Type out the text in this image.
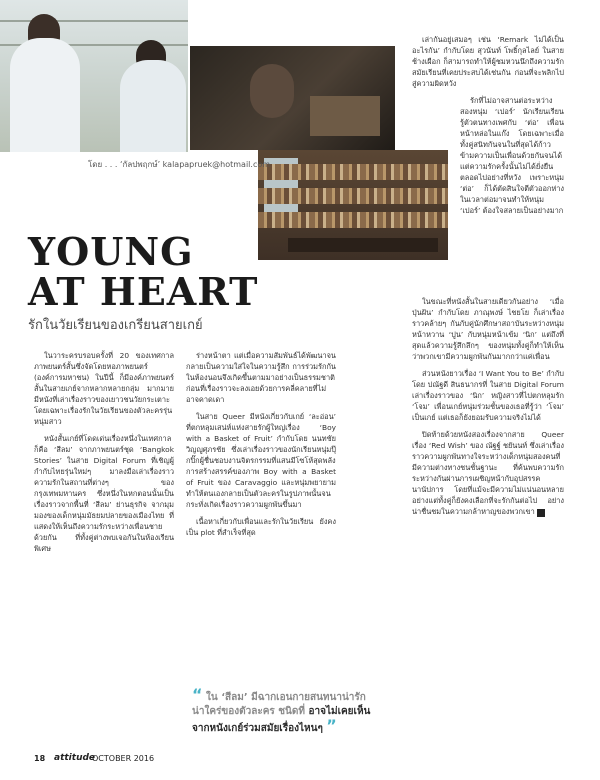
โดย . . . ‘กัลปพฤกษ์’ kalapapruek@hotmail.com
YOUNG
AT HEART
รักในวัยเรียนของเกรียนสายเกย์

ในวาระครบรอบครั้งที่ 20 ของเทศกาลภาพยนตร์สั้นซึ่งจัดโดยหอภาพยนตร์ (องค์การมหาชน) ในปีนี้ ก็มีองค์ภาพยนตร์สั้นในสายเกย์จากหลากหลายกลุ่ม มากมาย มีหนังที่เล่าเรื่องราวของเยาวชนวัยกระเตาะโดยเฉพาะเรื่องรักในวัยเรียนของตัวละครรุ่นหนุ่มสาว

หนังสั้นเกย์ที่โดดเด่นเรื่องหนึ่งในเทศกาลก็คือ ‘สีลม’ จากภาพยนตร์ชุด ‘Bangkok Stories’ ในสาย Digital Forum ที่เชิญผู้กำกับไทยรุ่นใหม่ๆ มาลงมือเล่าเรื่องราวความรักในสถานที่ต่างๆ ของกรุงเทพมหานคร ซึ่งหนึ่งในหกตอนนั้นเป็นเรื่องราวจากพื้นที่ ‘สีลม’ ย่านธุรกิจ จากมุมมองของเด็กหนุ่มมัธยมปลายของเมืองไทย ที่แสดงให้เห็นถึงความรักระหว่างเพื่อนชายด้วยกัน ที่ทั้งคู่ต่างพบเจอกันในห้องเรียนพิเศษ

ร่างหน้าตา แต่เมื่อความสัมพันธ์ได้พัฒนาจนกลายเป็นความใส่ใจในความรู้สึก การร่วมรักกันในห้องนอนจึงเกิดขึ้นตามมาอย่างเป็นธรรมชาติ ก่อนที่เรื่องราวจะลงเอยด้วยการคลี่คลายที่ไม่อาจคาดเดา

ในสาย Queer มีหนังเกี่ยวกับเกย์ ‘ละอ่อน’ ที่ตกหลุมเสน่ห์แห่งสายรักผู้ใหญ่เรื่อง ‘Boy with a Basket of Fruit’ กำกับโดย นนทชัย วิญญูศุภรชัย ซึ่งเล่าเรื่องราวของนักเรียนหนุ่มปุ๊กปิ๊กผู้ชื่นชอบงานจิตรกรรมที่แสนมีโซโห้สุดพลังการสร้างสรรค์ของภาพ Boy with a Basket of Fruit ของ Caravaggio และหนุ่มพยายามทำให้ตนเองกลายเป็นตัวละครในรูปภาพนั้นจนกระทั่งเกิดเรื่องราวความผูกพันขึ้นมา

เนื้อหาเกี่ยวกับเพื่อนและรักในวัยเรียน ยังคงเป็น plot ที่สำเร็จที่สุด

เล่ากันอยู่เสมอๆ เช่น ‘Remark ไม่ได้เป็นอะไรกัน’ กำกับโดย สุวนันท์ โพธิ์กุลไลย์ ในสายช้างเผือก ก็สามารถทำให้ผู้ชมหวนนึกถึงความรักสมัยเรียนที่เคยประสบได้เช่นกัน ก่อนที่จะพลิกไปสู่ความผิดหวัง

รักที่ไม่อาจสานต่อระหว่างสองหนุ่ม ‘เปอร์’ นักเรียนเรียนรู้ตัวตนทางเพศกับ ‘ต่อ’ เพื่อนหน้าหล่อในแก๊ง โดยเฉพาะเมื่อทั้งคู่สนิทกันจนในที่สุดได้ก้าวข้ามความเป็นเพื่อนด้วยกันจนได้ แต่ความรักครั้งนั้นไม่ได้ยั่งยืนตลอดไปอย่างที่หวัง เพราะหนุ่ม ‘ต่อ’ ก็ได้ตัดสินใจตีตัวออกห่างในเวลาต่อมาจนทำให้หนุ่ม ‘เปอร์’ ต้องใจสลายเป็นอย่างมาก

ในขณะที่หนังสั้นในสายเดียวกันอย่าง ‘เมื่อปุ่นฝัน’ กำกับโดย ภาณุพงษ์ ไชยโย ก็เล่าเรื่องราวคล้ายๆ กันกับคู่นักศึกษาสถาบันระหว่างหนุ่มหน้าหวาน ‘ปูน’ กับหนุ่มหน้าเข้ม ‘นิก’ แต่ถึงที่สุดแล้วความรู้สึกลึกๆ ของหนุ่มทั้งคู่ก็ทำให้เห็นว่าพวกเขามีความผูกพันกันมากกว่าแค่เพื่อน

ส่วนหนังยาวเรื่อง ‘I Want You to Be’ กำกับโดย ปณัฐดี สินธนากรที่ ในสาย Digital Forum เล่าเรื่องราวของ ‘นิก’ หญิงสาวที่ไปตกหลุมรัก ‘โจม’ เพื่อนเกย์หนุ่มร่วมชั้นของเธอที่รู้ว่า ‘โจม’ เป็นเกย์ แต่เธอก็ยังยอมรับความจริงไม่ได้

ปิดท้ายด้วยหนังสองเรื่องจากสาย Queer เรื่อง ‘Red Wish’ ของ ณัฐฐ์ ชยันนท์ ซึ่งเล่าเรื่องราวความผูกพันทางใจระหว่างเด็กหนุ่มสองคนที่มีความต่างทางชนชั้นฐานะ ที่ค้นพบความรักระหว่างกันผ่านการเผชิญหน้ากับอุปสรรคนานัปการ โดยที่แม้จะมีความไม่แน่นอนหลายอย่างแต่ทั้งคู่ก็ยังคงเลือกที่จะรักกันต่อไป อย่างน่าชื่นชมในความกล้าหาญของพวกเขา a

“ ใน ‘สีลม’ มีฉากเอนกายสนทนาน่ารัก น่าใคร่ของตัวละคร ชนิดที่ อาจไม่เคยเห็นจากหนังเกย์ร่วมสมัยเรื่องไหนๆ ”
18 attitude
OCTOBER 2016
